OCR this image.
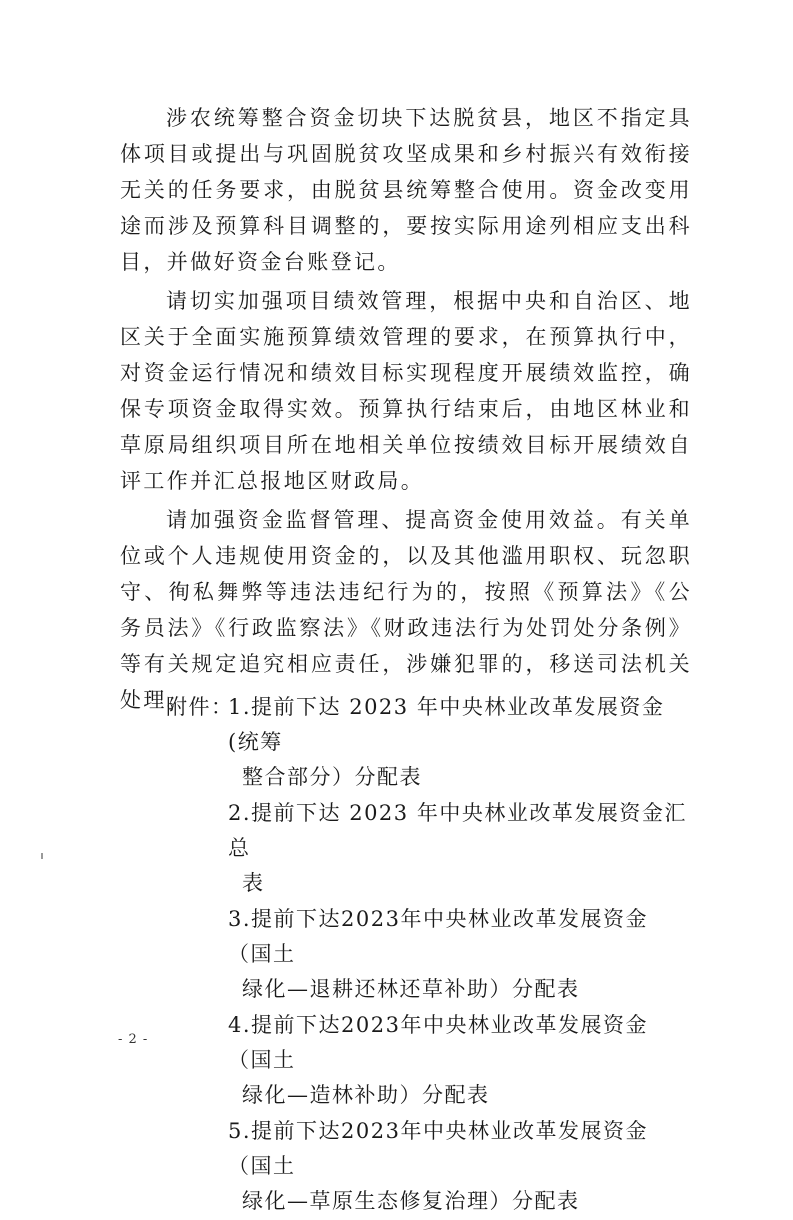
涉农统筹整合资金切块下达脱贫县，地区不指定具体项目或提出与巩固脱贫攻坚成果和乡村振兴有效衔接无关的任务要求，由脱贫县统筹整合使用。资金改变用途而涉及预算科目调整的，要按实际用途列相应支出科目，并做好资金台账登记。

请切实加强项目绩效管理，根据中央和自治区、地区关于全面实施预算绩效管理的要求，在预算执行中，对资金运行情况和绩效目标实现程度开展绩效监控，确保专项资金取得实效。预算执行结束后，由地区林业和草原局组织项目所在地相关单位按绩效目标开展绩效自评工作并汇总报地区财政局。

请加强资金监督管理、提高资金使用效益。有关单位或个人违规使用资金的，以及其他滥用职权、玩忽职守、徇私舞弊等违法违纪行为的，按照《预算法》《公务员法》《行政监察法》《财政违法行为处罚处分条例》等有关规定追究相应责任，涉嫌犯罪的，移送司法机关处理。

附件：
1.提前下达 2023 年中央林业改革发展资金(统筹
整合部分）分配表
2.提前下达 2023 年中央林业改革发展资金汇总
表
3.提前下达2023年中央林业改革发展资金（国土
绿化—退耕还林还草补助）分配表
4.提前下达2023年中央林业改革发展资金（国土
绿化—造林补助）分配表
5.提前下达2023年中央林业改革发展资金（国土
绿化—草原生态修复治理）分配表
- 2 -
